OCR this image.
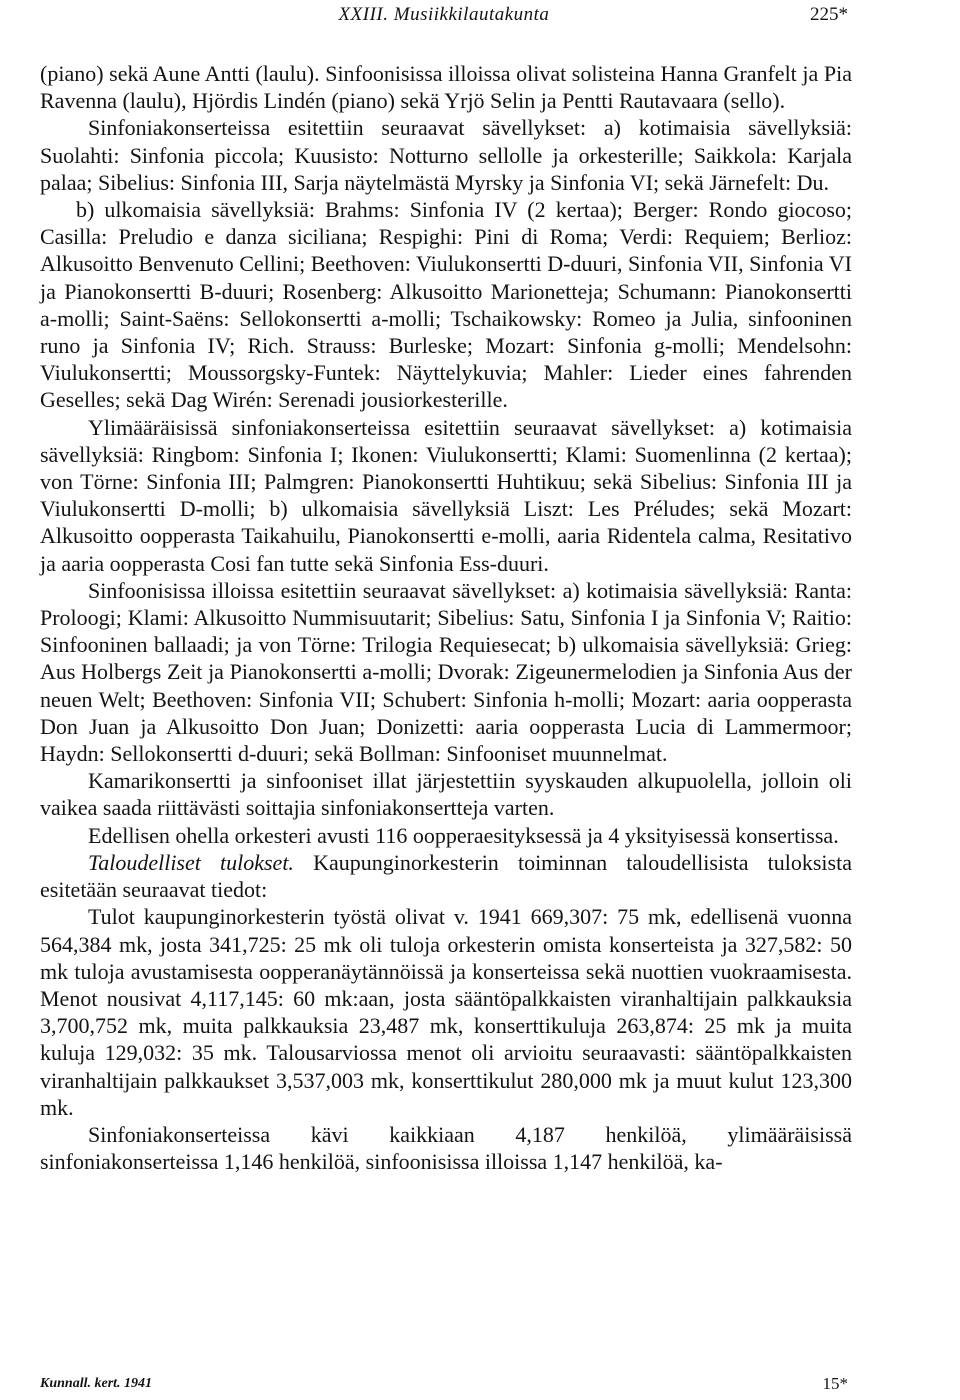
XXIII. Musiikkilautakunta	225*

(piano) sekä Aune Antti (laulu). Sinfoonisissa illoissa olivat solisteina Hanna Granfelt ja Pia Ravenna (laulu), Hjördis Lindén (piano) sekä Yrjö Selin ja Pentti Rautavaara (sello).

Sinfoniakonserteissa esitettiin seuraavat sävellykset: a) kotimaisia sävellyksiä: Suolahti: Sinfonia piccola; Kuusisto: Notturno sellolle ja orkesterille; Saikkola: Karjala palaa; Sibelius: Sinfonia III, Sarja näytelmästä Myrsky ja Sinfonia VI; sekä Järnefelt: Du.

b) ulkomaisia sävellyksiä: Brahms: Sinfonia IV (2 kertaa); Berger: Rondo giocoso; Casilla: Preludio e danza siciliana; Respighi: Pini di Roma; Verdi: Requiem; Berlioz: Alkusoitto Benvenuto Cellini; Beethoven: Viulukonsertti D-duuri, Sinfonia VII, Sinfonia VI ja Pianokonsertti B-duuri; Rosenberg: Alkusoitto Marionetteja; Schumann: Pianokonsertti a-molli; Saint-Saëns: Sellokonsertti a-molli; Tschaikowsky: Romeo ja Julia, sinfooninen runo ja Sinfonia IV; Rich. Strauss: Burleske; Mozart: Sinfonia g-molli; Mendelsohn: Viulukonsertti; Moussorgsky-Funtek: Näyttelykuvia; Mahler: Lieder eines fahrenden Geselles; sekä Dag Wirén: Serenadi jousiorkesterille.

Ylimääräisissä sinfoniakonserteissa esitettiin seuraavat sävellykset: a) kotimaisia sävellyksiä: Ringbom: Sinfonia I; Ikonen: Viulukonsertti; Klami: Suomenlinna (2 kertaa); von Törne: Sinfonia III; Palmgren: Pianokonsertti Huhtikuu; sekä Sibelius: Sinfonia III ja Viulukonsertti D-molli; b) ulkomaisia sävellyksiä Liszt: Les Préludes; sekä Mozart: Alkusoitto oopperasta Taikahuilu, Pianokonsertti e-molli, aaria Ridentela calma, Resitativo ja aaria oopperasta Cosi fan tutte sekä Sinfonia Ess-duuri.

Sinfoonisissa illoissa esitettiin seuraavat sävellykset: a) kotimaisia sävellyksiä: Ranta: Proloogi; Klami: Alkusoitto Nummisuutarit; Sibelius: Satu, Sinfonia I ja Sinfonia V; Raitio: Sinfooninen ballaadi; ja von Törne: Trilogia Requiesecat; b) ulkomaisia sävellyksiä: Grieg: Aus Holbergs Zeit ja Pianokonsertti a-molli; Dvorak: Zigeunermelodien ja Sinfonia Aus der neuen Welt; Beethoven: Sinfonia VII; Schubert: Sinfonia h-molli; Mozart: aaria oopperasta Don Juan ja Alkusoitto Don Juan; Donizetti: aaria oopperasta Lucia di Lammermoor; Haydn: Sellokonsertti d-duuri; sekä Bollman: Sinfooniset muunnelmat.

Kamarikonsertti ja sinfooniset illat järjestettiin syyskauden alkupuolella, jolloin oli vaikea saada riittävästi soittajia sinfoniakonsertteja varten.

Edellisen ohella orkesteri avusti 116 oopperaesityksessä ja 4 yksityisessä konsertissa.

Taloudelliset tulokset. Kaupunginorkesterin toiminnan taloudellisista tuloksista esitetään seuraavat tiedot:

Tulot kaupunginorkesterin työstä olivat v. 1941 669,307: 75 mk, edellisenä vuonna 564,384 mk, josta 341,725: 25 mk oli tuloja orkesterin omista konserteista ja 327,582: 50 mk tuloja avustamisesta oopperanäytännöissä ja konserteissa sekä nuottien vuokraamisesta. Menot nousivat 4,117,145: 60 mk:aan, josta sääntöpalkkaisten viranhaltijain palkkauksia 3,700,752 mk, muita palkkauksia 23,487 mk, konserttikuluja 263,874: 25 mk ja muita kuluja 129,032: 35 mk. Talousarviossa menot oli arvioitu seuraavasti: sääntöpalkkaisten viranhaltijain palkkaukset 3,537,003 mk, konserttikulut 280,000 mk ja muut kulut 123,300 mk.

Sinfoniakonserteissa kävi kaikkiaan 4,187 henkilöä, ylimääräisissä sinfoniakonserteissa 1,146 henkilöä, sinfoonisissa illoissa 1,147 henkilöä, ka-

Kunnall. kert. 1941	15*
